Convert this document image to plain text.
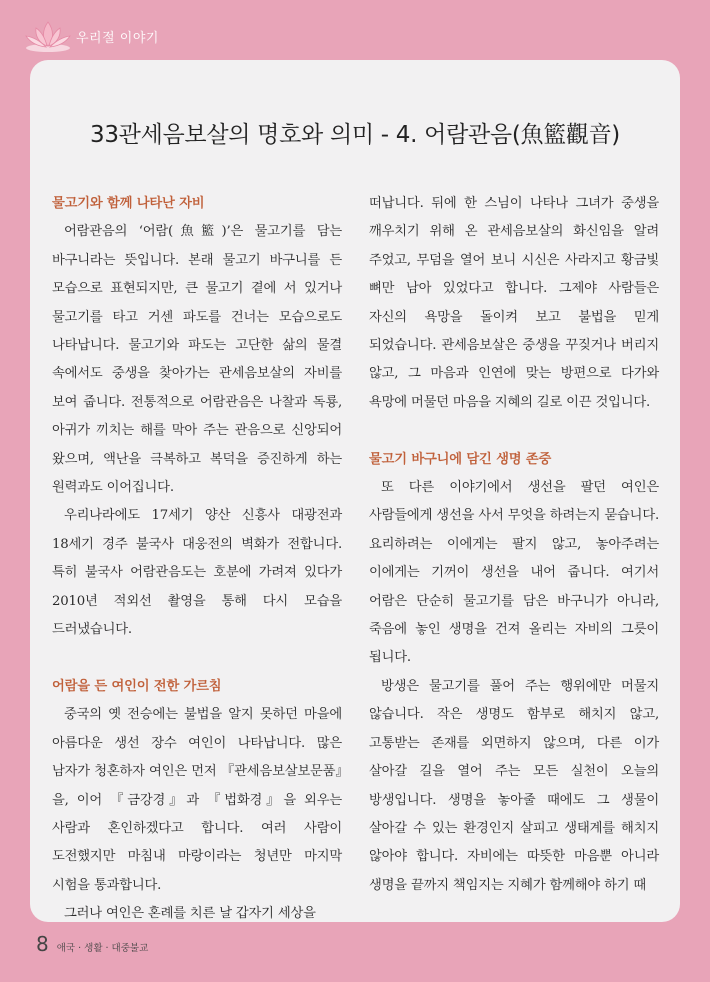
우리절 이야기
33관세음보살의 명호와 의미 - 4. 어람관음(魚籃觀音)
물고기와 함께 나타난 자비

어람관음의 ‘어람(魚籃)’은 물고기를 담는 바구니라는 뜻입니다. 본래 물고기 바구니를 든 모습으로 표현되지만, 큰 물고기 곁에 서 있거나 물고기를 타고 거센 파도를 건너는 모습으로도 나타납니다. 물고기와 파도는 고단한 삶의 물결 속에서도 중생을 찾아가는 관세음보살의 자비를 보여 줍니다. 전통적으로 어람관음은 나찰과 독룡, 아귀가 끼치는 해를 막아 주는 관음으로 신앙되어 왔으며, 액난을 극복하고 복덕을 증진하게 하는 원력과도 이어집니다.

우리나라에도 17세기 양산 신흥사 대광전과 18세기 경주 불국사 대웅전의 벽화가 전합니다. 특히 불국사 어람관음도는 호분에 가려져 있다가 2010년 적외선 촬영을 통해 다시 모습을 드러냈습니다.

어람을 든 여인이 전한 가르침

중국의 옛 전승에는 불법을 알지 못하던 마을에 아름다운 생선 장수 여인이 나타납니다. 많은 남자가 청혼하자 여인은 먼저 『관세음보살보문품』을, 이어 『금강경』과 『법화경』을 외우는 사람과 혼인하겠다고 합니다. 여러 사람이 도전했지만 마침내 마랑이라는 청년만 마지막 시험을 통과합니다.

그러나 여인은 혼례를 치른 날 갑자기 세상을

떠납니다. 뒤에 한 스님이 나타나 그녀가 중생을 깨우치기 위해 온 관세음보살의 화신임을 알려 주었고, 무덤을 열어 보니 시신은 사라지고 황금빛 뼈만 남아 있었다고 합니다. 그제야 사람들은 자신의 욕망을 돌이켜 보고 불법을 믿게 되었습니다. 관세음보살은 중생을 꾸짖거나 버리지 않고, 그 마음과 인연에 맞는 방편으로 다가와 욕망에 머물던 마음을 지혜의 길로 이끈 것입니다.

물고기 바구니에 담긴 생명 존중

또 다른 이야기에서 생선을 팔던 여인은 사람들에게 생선을 사서 무엇을 하려는지 묻습니다. 요리하려는 이에게는 팔지 않고, 놓아주려는 이에게는 기꺼이 생선을 내어 줍니다. 여기서 어람은 단순히 물고기를 담은 바구니가 아니라, 죽음에 놓인 생명을 건져 올리는 자비의 그릇이 됩니다.

방생은 물고기를 풀어 주는 행위에만 머물지 않습니다. 작은 생명도 함부로 해치지 않고, 고통받는 존재를 외면하지 않으며, 다른 이가 살아갈 길을 열어 주는 모든 실천이 오늘의 방생입니다. 생명을 놓아줄 때에도 그 생물이 살아갈 수 있는 환경인지 살피고 생태계를 해치지 않아야 합니다. 자비에는 따뜻한 마음뿐 아니라 생명을 끝까지 책임지는 지혜가 함께해야 하기 때

8 애국 · 생활 · 대중불교
